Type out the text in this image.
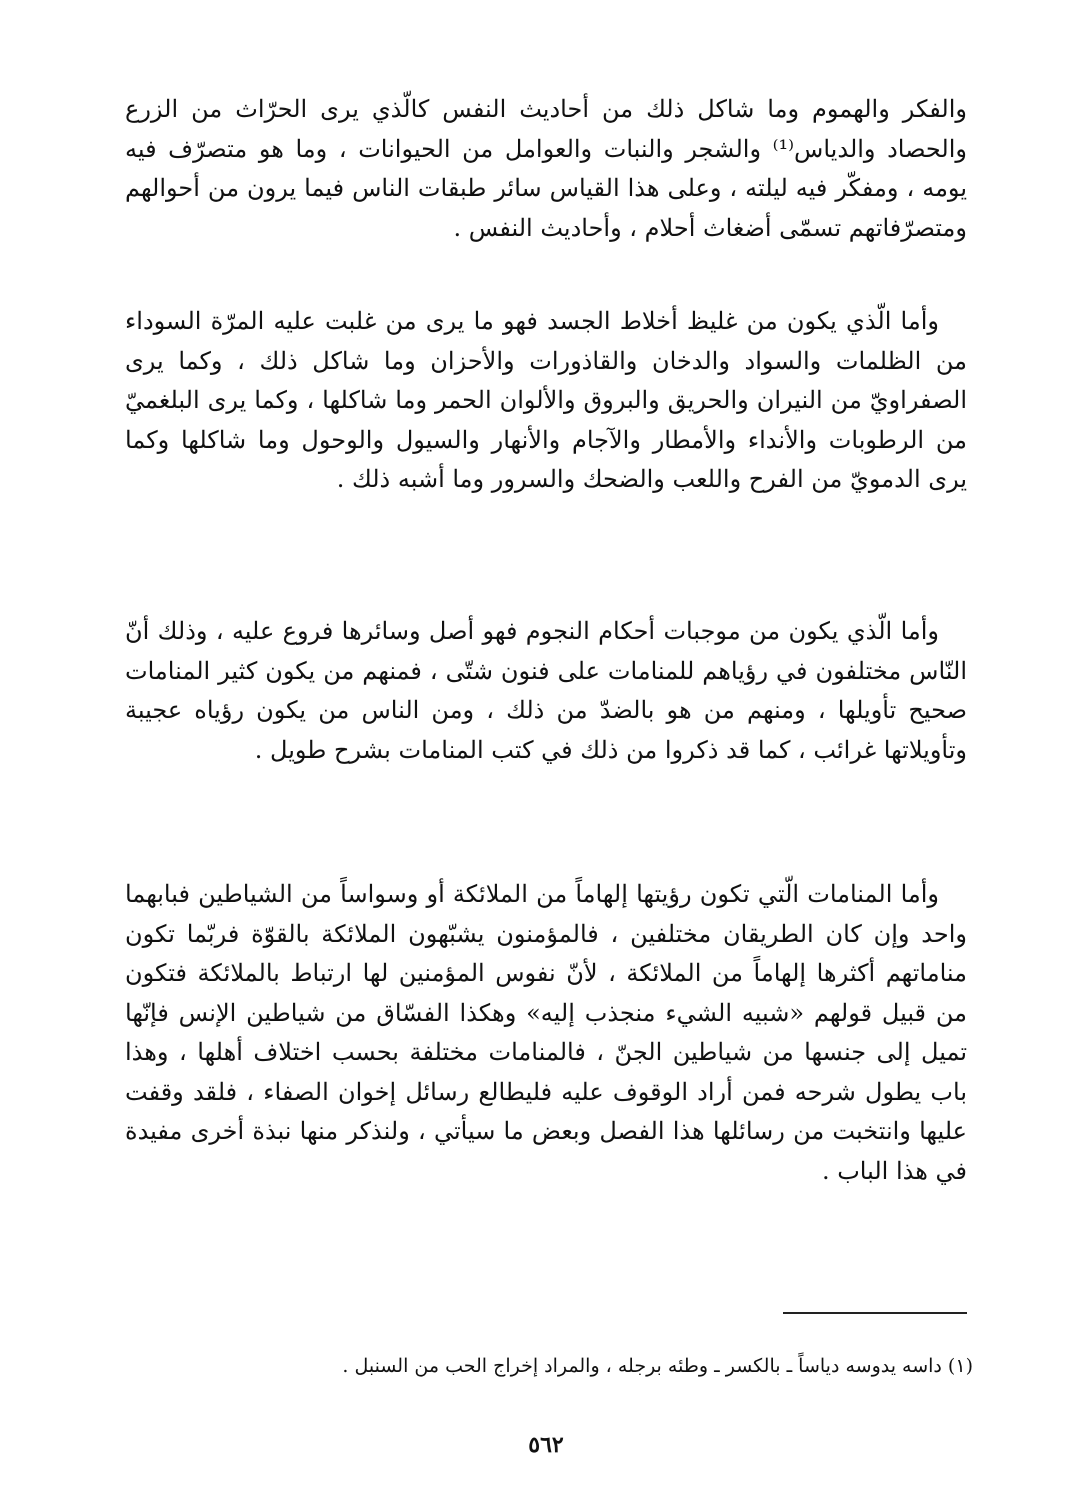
والفكر والهموم وما شاكل ذلك من أحاديث النفس كالّذي يرى الحرّاث من الزرع والحصاد والدياس⁽¹⁾ والشجر والنبات والعوامل من الحيوانات ، وما هو متصرّف فيه يومه ، ومفكّر فيه ليلته ، وعلى هذا القياس سائر طبقات الناس فيما يرون من أحوالهم ومتصرّفاتهم تسمّى أضغاث أحلام ، وأحاديث النفس .

وأما الّذي يكون من غليظ أخلاط الجسد فهو ما يرى من غلبت عليه المرّة السوداء من الظلمات والسواد والدخان والقاذورات والأحزان وما شاكل ذلك ، وكما يرى الصفراويّ من النيران والحريق والبروق والألوان الحمر وما شاكلها ، وكما يرى البلغميّ من الرطوبات والأنداء والأمطار والآجام والأنهار والسيول والوحول وما شاكلها وكما يرى الدمويّ من الفرح واللعب والضحك والسرور وما أشبه ذلك .

وأما الّذي يكون من موجبات أحكام النجوم فهو أصل وسائرها فروع عليه ، وذلك أنّ النّاس مختلفون في رؤياهم للمنامات على فنون شتّى ، فمنهم من يكون كثير المنامات صحيح تأويلها ، ومنهم من هو بالضدّ من ذلك ، ومن الناس من يكون رؤياه عجيبة وتأويلاتها غرائب ، كما قد ذكروا من ذلك في كتب المنامات بشرح طويل .

وأما المنامات الّتي تكون رؤيتها إلهاماً من الملائكة أو وسواساً من الشياطين فبابهما واحد وإن كان الطريقان مختلفين ، فالمؤمنون يشبّهون الملائكة بالقوّة فربّما تكون مناماتهم أكثرها إلهاماً من الملائكة ، لأنّ نفوس المؤمنين لها ارتباط بالملائكة فتكون من قبيل قولهم «شبيه الشيء منجذب إليه» وهكذا الفسّاق من شياطين الإنس فإنّها تميل إلى جنسها من شياطين الجنّ ، فالمنامات مختلفة بحسب اختلاف أهلها ، وهذا باب يطول شرحه فمن أراد الوقوف عليه فليطالع رسائل إخوان الصفاء ، فلقد وقفت عليها وانتخبت من رسائلها هذا الفصل وبعض ما سيأتي ، ولنذكر منها نبذة أخرى مفيدة في هذا الباب .

(١) داسه يدوسه دياساً ـ بالكسر ـ وطئه برجله ، والمراد إخراج الحب من السنبل .

٥٦٢
